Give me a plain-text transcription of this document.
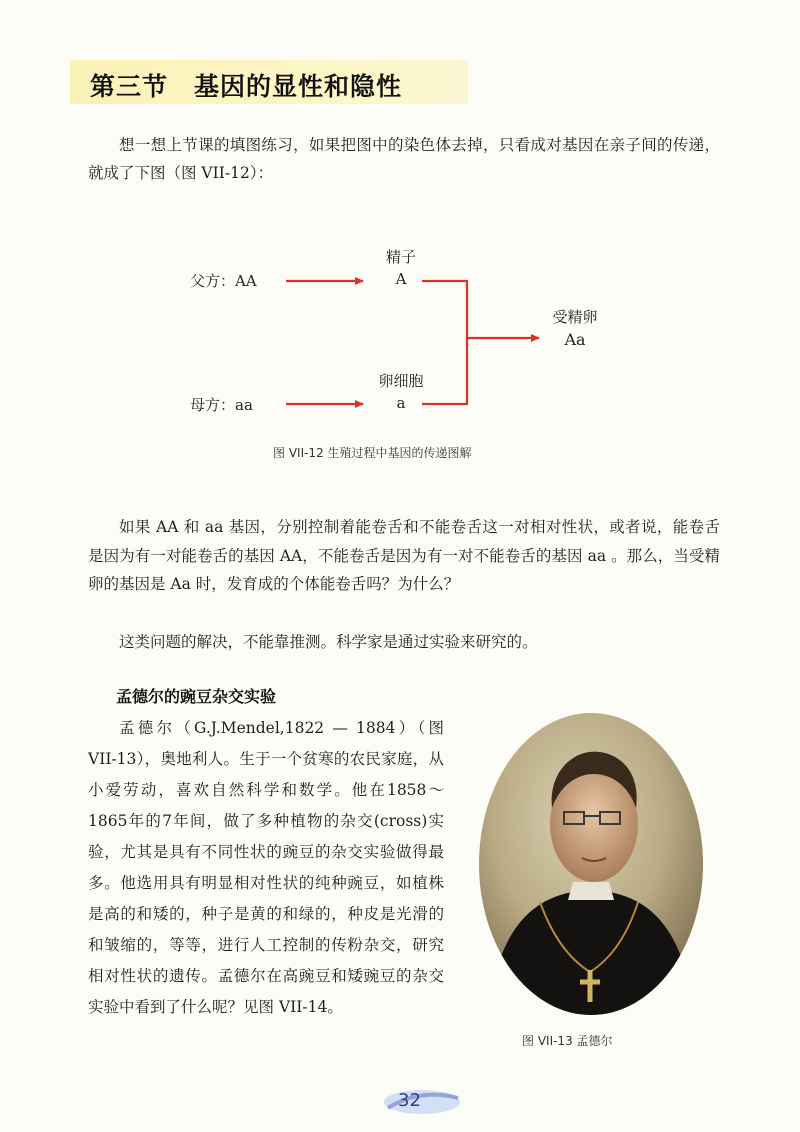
第三节　基因的显性和隐性

想一想上节课的填图练习，如果把图中的染色体去掉，只看成对基因在亲子间的传递，就成了下图（图 VII-12）：

父方：AA
母方：aa
精子
A
卵细胞
a
受精卵
Aa
图 VII-12 生殖过程中基因的传递图解

如果 AA 和 aa 基因，分别控制着能卷舌和不能卷舌这一对相对性状，或者说，能卷舌是因为有一对能卷舌的基因 AA，不能卷舌是因为有一对不能卷舌的基因 aa 。那么，当受精卵的基因是 Aa 时，发育成的个体能卷舌吗？为什么？

这类问题的解决，不能靠推测。科学家是通过实验来研究的。

孟德尔的豌豆杂交实验

孟德尔（G.J.Mendel,1822 — 1884）（图 VII-13），奥地利人。生于一个贫寒的农民家庭，从小爱劳动，喜欢自然科学和数学。他在1858～1865年的7年间，做了多种植物的杂交(cross)实验，尤其是具有不同性状的豌豆的杂交实验做得最多。他选用具有明显相对性状的纯种豌豆，如植株是高的和矮的，种子是黄的和绿的，种皮是光滑的和皱缩的，等等，进行人工控制的传粉杂交，研究相对性状的遗传。孟德尔在高豌豆和矮豌豆的杂交实验中看到了什么呢？见图 VII-14。

图 VII-13 孟德尔
32
